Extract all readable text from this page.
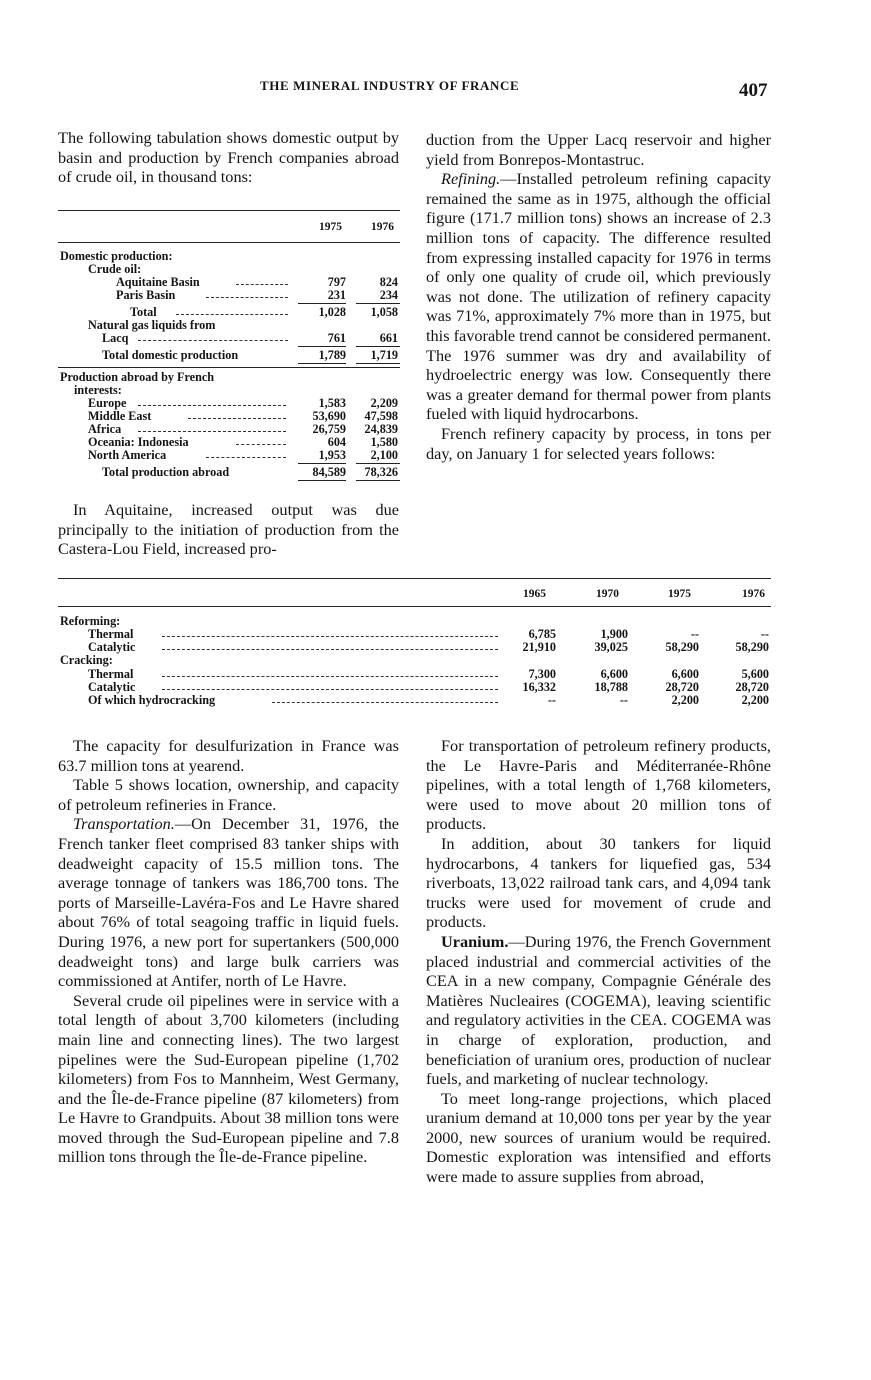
THE MINERAL INDUSTRY OF FRANCE	407

The following tabulation shows domestic output by basin and production by French companies abroad of crude oil, in thousand tons:

1975	1976
Domestic production:
Crude oil:
Aquitaine Basin	797	824
Paris Basin	231	234
Total	1,028 1,058
Natural gas liquids from
Lacq	761	661
Total domestic production	1,789 1,719
Production abroad by French
interests:
Europe	1,583 2,209
Middle East	53,690 47,598
Africa	26,759 24,839
Oceania: Indonesia	604 1,580
North America	1,953 2,100
Total production abroad	84,589 78,326

In Aquitaine, increased output was due principally to the initiation of production from the Castera-Lou Field, increased pro-

duction from the Upper Lacq reservoir and higher yield from Bonrepos-Montastruc.

Refining.—Installed petroleum refining capacity remained the same as in 1975, although the official figure (171.7 million tons) shows an increase of 2.3 million tons of capacity. The difference resulted from expressing installed capacity for 1976 in terms of only one quality of crude oil, which previously was not done. The utilization of refinery capacity was 71%, approximately 7% more than in 1975, but this favorable trend cannot be considered permanent. The 1976 summer was dry and availability of hydroelectric energy was low. Consequently there was a greater demand for thermal power from plants fueled with liquid hydrocarbons.

French refinery capacity by process, in tons per day, on January 1 for selected years follows:

1965	1970	1975	1976
Reforming:
Thermal	6,785	1,900	--	--
Catalytic	21,910	39,025	58,290	58,290
Cracking:
Thermal	7,300	6,600	6,600	5,600
Catalytic	16,332	18,788	28,720	28,720
Of which hydrocracking	--	--	2,200	2,200

The capacity for desulfurization in France was 63.7 million tons at yearend.

Table 5 shows location, ownership, and capacity of petroleum refineries in France.

Transportation.—On December 31, 1976, the French tanker fleet comprised 83 tanker ships with deadweight capacity of 15.5 million tons. The average tonnage of tankers was 186,700 tons. The ports of Marseille-Lavéra-Fos and Le Havre shared about 76% of total seagoing traffic in liquid fuels. During 1976, a new port for supertankers (500,000 deadweight tons) and large bulk carriers was commissioned at Antifer, north of Le Havre.

Several crude oil pipelines were in service with a total length of about 3,700 kilometers (including main line and connecting lines). The two largest pipelines were the Sud-European pipeline (1,702 kilometers) from Fos to Mannheim, West Germany, and the Île-de-France pipeline (87 kilometers) from Le Havre to Grandpuits. About 38 million tons were moved through the Sud-European pipeline and 7.8 million tons through the Île-de-France pipeline.

For transportation of petroleum refinery products, the Le Havre-Paris and Méditerranée-Rhône pipelines, with a total length of 1,768 kilometers, were used to move about 20 million tons of products.

In addition, about 30 tankers for liquid hydrocarbons, 4 tankers for liquefied gas, 534 riverboats, 13,022 railroad tank cars, and 4,094 tank trucks were used for movement of crude and products.

Uranium.—During 1976, the French Government placed industrial and commercial activities of the CEA in a new company, Compagnie Générale des Matières Nucleaires (COGEMA), leaving scientific and regulatory activities in the CEA. COGEMA was in charge of exploration, production, and beneficiation of uranium ores, production of nuclear fuels, and marketing of nuclear technology.

To meet long-range projections, which placed uranium demand at 10,000 tons per year by the year 2000, new sources of uranium would be required. Domestic exploration was intensified and efforts were made to assure supplies from abroad,
